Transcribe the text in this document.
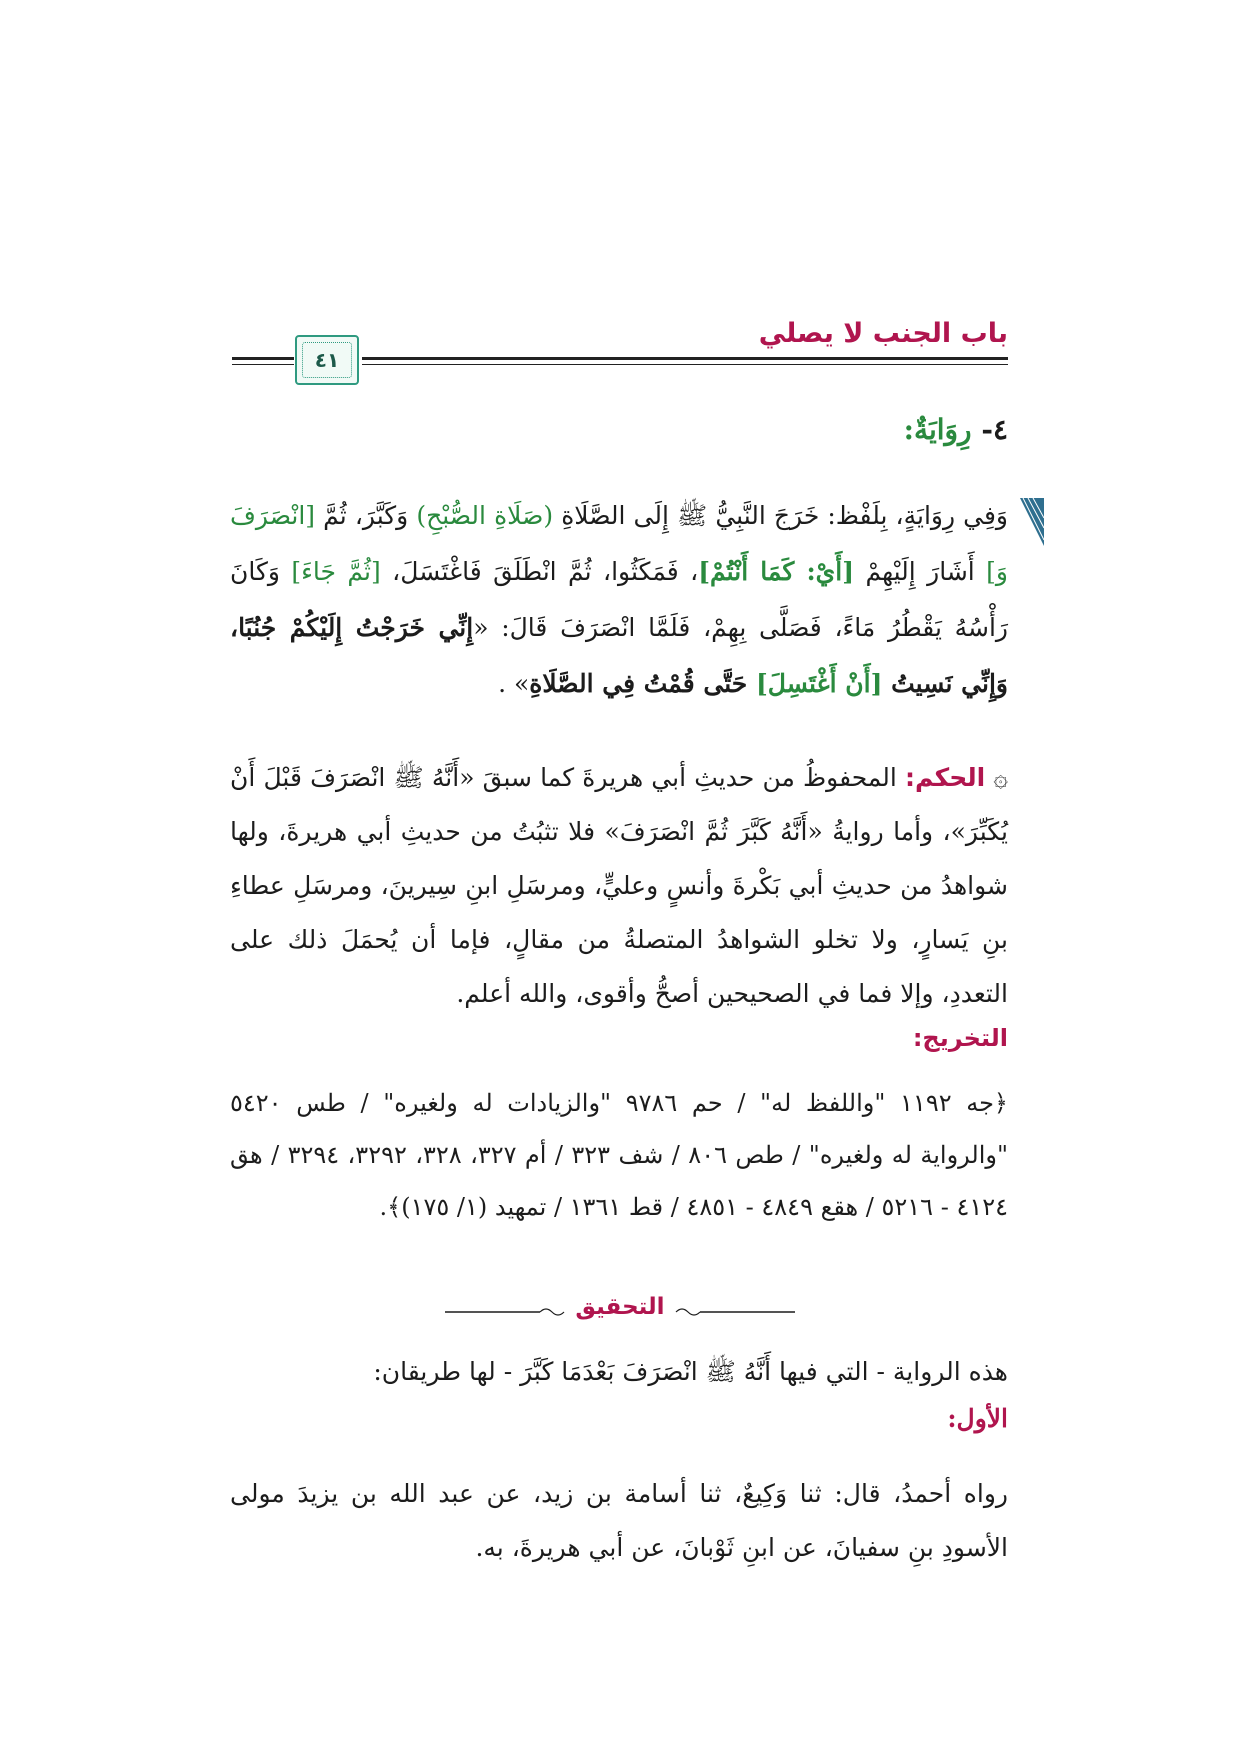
باب الجنب لا يصلي
٤١
٤- رِوَايَةٌ:
وَفِي رِوَايَةٍ، بِلَفْظ: خَرَجَ النَّبِيُّ ﷺ إِلَى الصَّلَاةِ (صَلَاةِ الصُّبْحِ) وَكَبَّرَ، ثُمَّ [انْصَرَفَ وَ] أَشَارَ إِلَيْهِمْ [أَيْ: كَمَا أَنْتُمْ]، فَمَكَثُوا، ثُمَّ انْطَلَقَ فَاغْتَسَلَ، [ثُمَّ جَاءَ] وَكَانَ رَأْسُهُ يَقْطُرُ مَاءً، فَصَلَّى بِهِمْ، فَلَمَّا انْصَرَفَ قَالَ: «إِنِّي خَرَجْتُ إِلَيْكُمْ جُنُبًا، وَإِنِّي نَسِيتُ [أَنْ أَغْتَسِلَ] حَتَّى قُمْتُ فِي الصَّلَاةِ» .
۞ الحكم: المحفوظُ من حديثِ أبي هريرةَ كما سبقَ «أَنَّهُ ﷺ انْصَرَفَ قَبْلَ أَنْ يُكَبِّرَ»، وأما روايةُ «أَنَّهُ كَبَّرَ ثُمَّ انْصَرَفَ» فلا تثبُتُ من حديثِ أبي هريرةَ، ولها شواهدُ من حديثِ أبي بَكْرةَ وأنسٍ وعليٍّ، ومرسَلِ ابنِ سِيرينَ، ومرسَلِ عطاءِ بنِ يَسارٍ، ولا تخلو الشواهدُ المتصلةُ من مقالٍ، فإما أن يُحمَلَ ذلك على التعددِ، وإلا فما في الصحيحين أصحُّ وأقوى، والله أعلم.
التخريج:
﴿جه ١١٩٢ "واللفظ له" / حم ٩٧٨٦ "والزيادات له ولغيره" / طس ٥٤٢٠ "والرواية له ولغيره" / طص ٨٠٦ / شف ٣٢٣ / أم ٣٢٧، ٣٢٨، ٣٢٩٢، ٣٢٩٤ / هق ٤١٢٤ - ٥٢١٦ / هقع ٤٨٤٩ - ٤٨٥١ / قط ١٣٦١ / تمهيد (١/ ١٧٥)﴾.
التحقيق
هذه الرواية - التي فيها أَنَّهُ ﷺ انْصَرَفَ بَعْدَمَا كَبَّرَ - لها طريقان:
الأول:
رواه أحمدُ، قال: ثنا وَكِيعٌ، ثنا أسامة بن زيد، عن عبد الله بن يزيدَ مولى الأسودِ بنِ سفيانَ، عن ابنِ ثَوْبانَ، عن أبي هريرةَ، به.
